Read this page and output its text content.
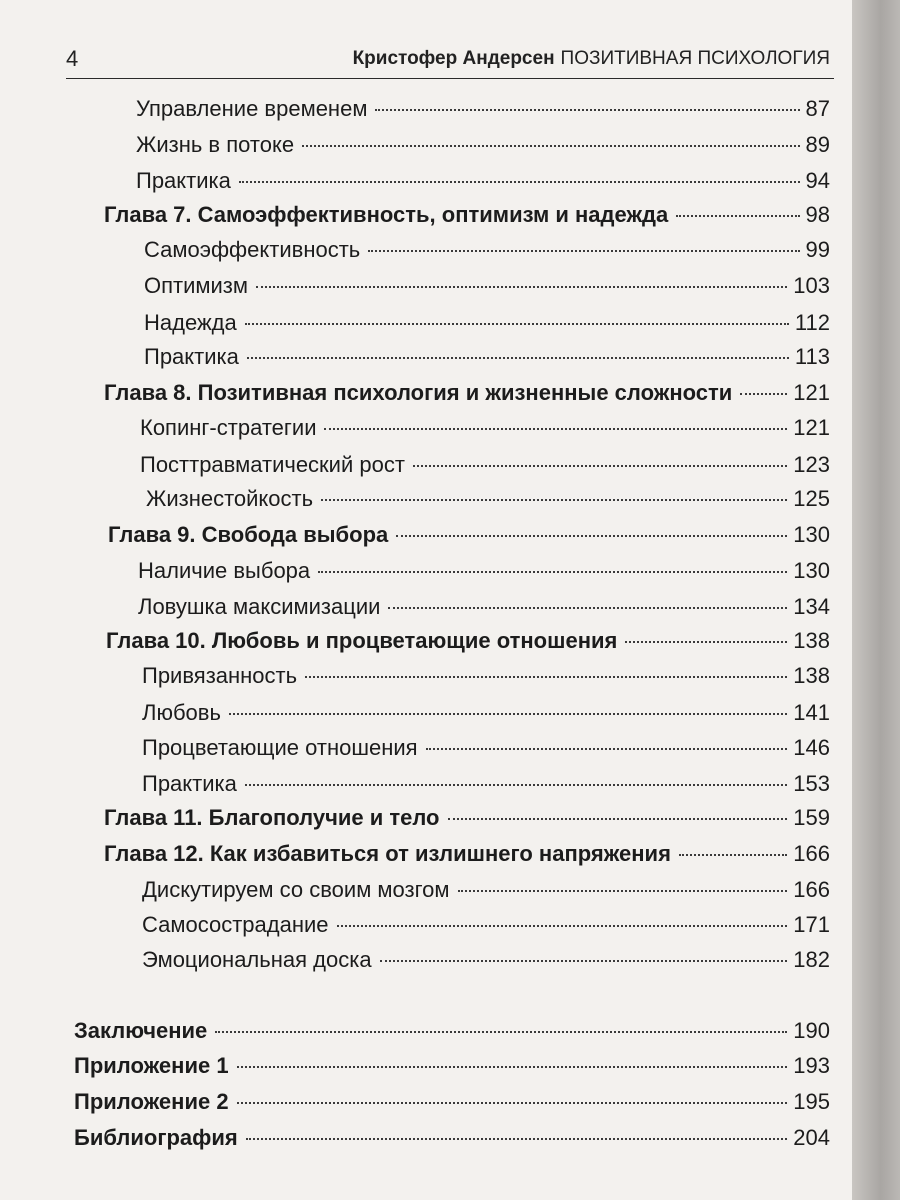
4	Кристофер Андерсен ПОЗИТИВНАЯ ПСИХОЛОГИЯ
Управление временем	87
Жизнь в потоке	89
Практика	94
Глава 7. Самоэффективность, оптимизм и надежда	98
Самоэффективность	99
Оптимизм	103
Надежда	112
Практика	113
Глава 8. Позитивная психология и жизненные сложности	121
Копинг-стратегии	121
Посттравматический рост	123
Жизнестойкость	125
Глава 9. Свобода выбора	130
Наличие выбора	130
Ловушка максимизации	134
Глава 10. Любовь и процветающие отношения	138
Привязанность	138
Любовь	141
Процветающие отношения	146
Практика	153
Глава 11. Благополучие и тело	159
Глава 12. Как избавиться от излишнего напряжения	166
Дискутируем со своим мозгом	166
Самосострадание	171
Эмоциональная доска	182
Заключение	190
Приложение 1	193
Приложение 2	195
Библиография	204
